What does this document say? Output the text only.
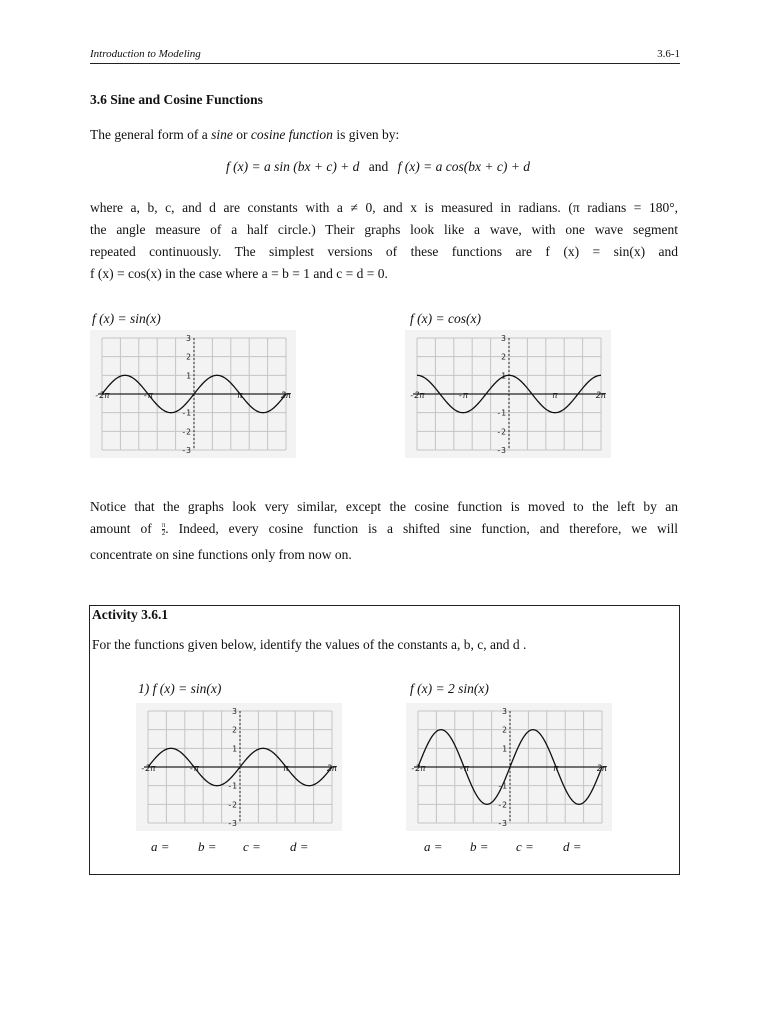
Introduction to Modeling	3.6-1
3.6 Sine and Cosine Functions
The general form of a sine or cosine function is given by:
f (x) = a sin (bx + c) + d and f (x) = a cos(bx + c) + d
where a, b, c, and d are constants with a ≠ 0, and x is measured in radians. (π radians = 180°,
the angle measure of a half circle.) Their graphs look like a wave, with one wave segment
repeated continuously. The simplest versions of these functions are f (x) = sin(x) and
f (x) = cos(x) in the case where a = b = 1 and c = d = 0.
f (x) = sin(x)	f (x) = cos(x)
3
2
1
-1
-2
-3
-2π	-π	π	2π
3
2
1
-1
-2
-3
-2π	-π	π	2π
Notice that the graphs look very similar, except the cosine function is moved to the left by an
amount of $\frac{\pi}{2}$ . Indeed, every cosine function is a shifted sine function, and therefore, we will
concentrate on sine functions only from now on.
Activity 3.6.1
For the functions given below, identify the values of the constants a, b, c, and d .
1) f (x) = sin(x)	f (x) = 2 sin(x)
3
2
1
-1
-2
-3
-2π	-π	π	2π
3
2
1
-1
-2
-3
-2π	-π	π	2π
a = b = c = d =	a = b = c = d =
